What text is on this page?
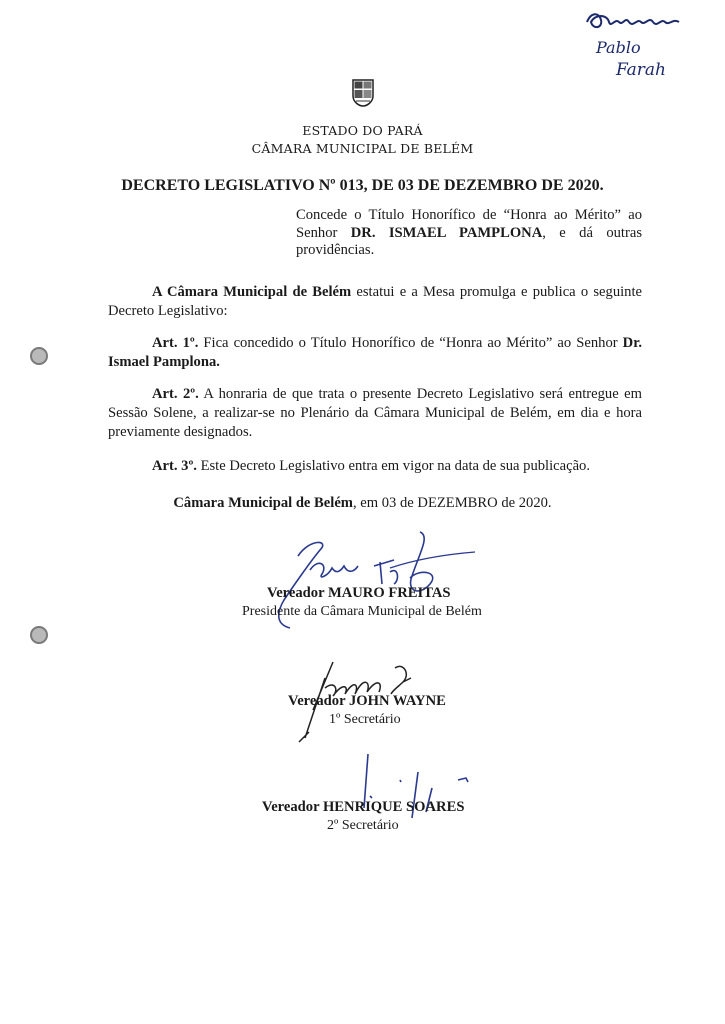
Pablo
Farah
ESTADO DO PARÁ
CÂMARA MUNICIPAL DE BELÉM
DECRETO LEGISLATIVO Nº 013, DE 03 DE DEZEMBRO DE 2020.
Concede o Título Honorífico de “Honra ao Mérito” ao Senhor DR. ISMAEL PAMPLONA, e dá outras providências.
A Câmara Municipal de Belém estatui e a Mesa promulga e publica o seguinte Decreto Legislativo:
Art. 1º. Fica concedido o Título Honorífico de “Honra ao Mérito” ao Senhor Dr. Ismael Pamplona.
Art. 2º. A honraria de que trata o presente Decreto Legislativo será entregue em Sessão Solene, a realizar-se no Plenário da Câmara Municipal de Belém, em dia e hora previamente designados.
Art. 3º. Este Decreto Legislativo entra em vigor na data de sua publicação.
Câmara Municipal de Belém, em 03 de DEZEMBRO de 2020.
Vereador MAURO FREITAS
Presidente da Câmara Municipal de Belém
Vereador JOHN WAYNE
1º Secretário
Vereador HENRIQUE SOARES
2º Secretário
